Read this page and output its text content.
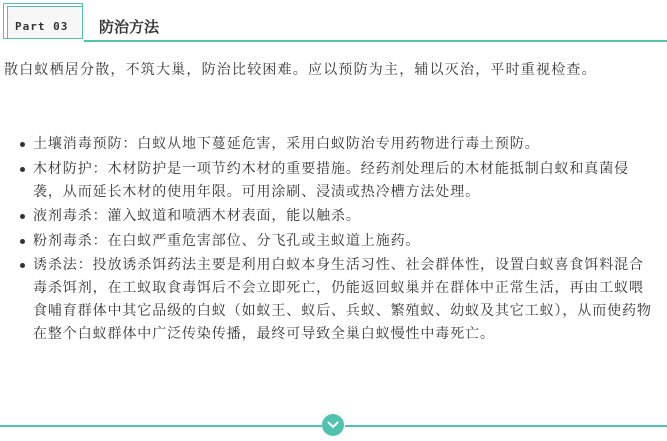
Part 03 防治方法

散白蚁栖居分散，不筑大巢，防治比较困难。应以预防为主，辅以灭治，平时重视检查。

土壤消毒预防：白蚁从地下蔓延危害，采用白蚁防治专用药物进行毒土预防。
木材防护：木材防护是一项节约木材的重要措施。经药剂处理后的木材能抵制白蚁和真菌侵袭，从而延长木材的使用年限。可用涂刷、浸渍或热冷槽方法处理。
液剂毒杀：灌入蚁道和喷洒木材表面，能以触杀。
粉剂毒杀：在白蚁严重危害部位、分飞孔或主蚁道上施药。
诱杀法：投放诱杀饵药法主要是利用白蚁本身生活习性、社会群体性，设置白蚁喜食饵料混合毒杀饵剂，在工蚁取食毒饵后不会立即死亡，仍能返回蚁巢并在群体中正常生活，再由工蚁喂食哺育群体中其它品级的白蚁（如蚁王、蚁后、兵蚁、繁殖蚁、幼蚁及其它工蚁），从而使药物在整个白蚁群体中广泛传染传播，最终可导致全巢白蚁慢性中毒死亡。
